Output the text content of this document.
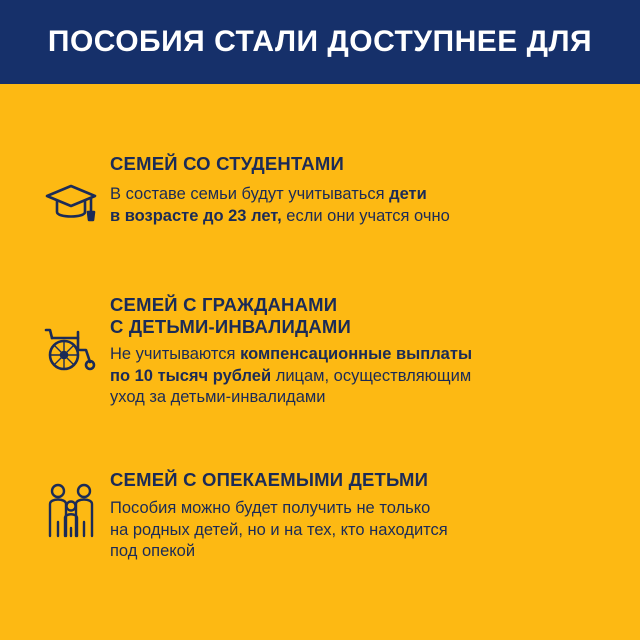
ПОСОБИЯ СТАЛИ ДОСТУПНЕЕ ДЛЯ
СЕМЕЙ СО СТУДЕНТАМИ
В составе семьи будут учитываться дети
в возрасте до 23 лет, если они учатся очно
СЕМЕЙ С ГРАЖДАНАМИ
С ДЕТЬМИ-ИНВАЛИДАМИ
Не учитываются компенсационные выплаты
по 10 тысяч рублей лицам, осуществляющим
уход за детьми-инвалидами
СЕМЕЙ С ОПЕКАЕМЫМИ ДЕТЬМИ
Пособия можно будет получить не только
на родных детей, но и на тех, кто находится
под опекой
